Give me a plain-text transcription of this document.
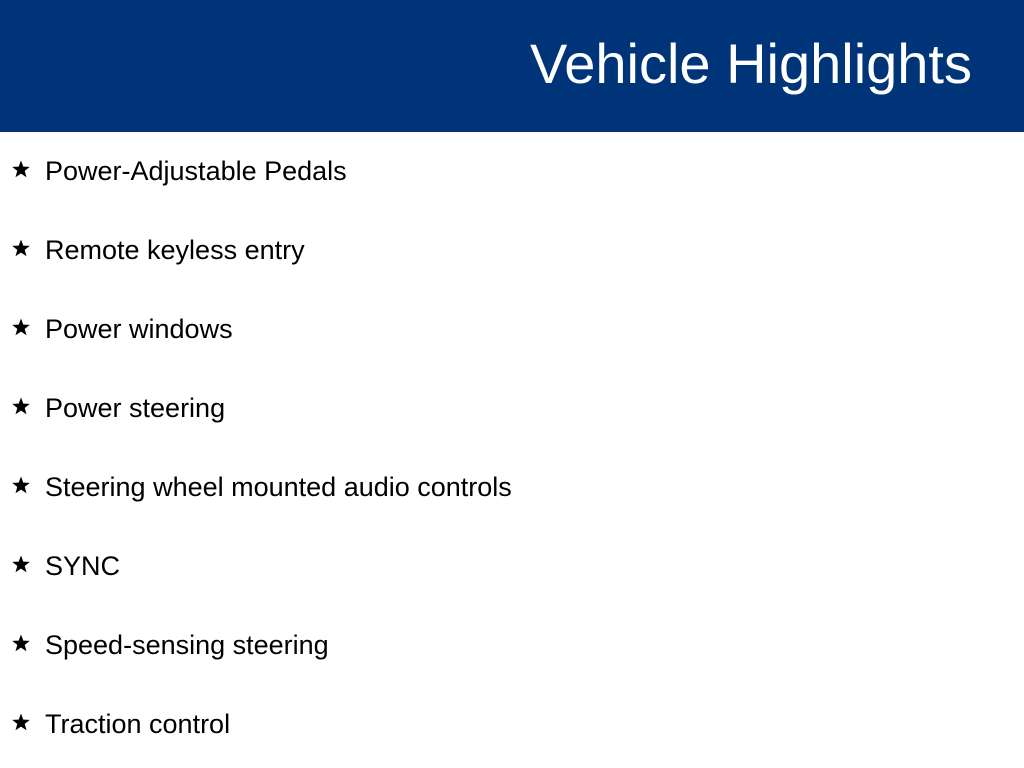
Vehicle Highlights
Power-Adjustable Pedals
Remote keyless entry
Power windows
Power steering
Steering wheel mounted audio controls
SYNC
Speed-sensing steering
Traction control
